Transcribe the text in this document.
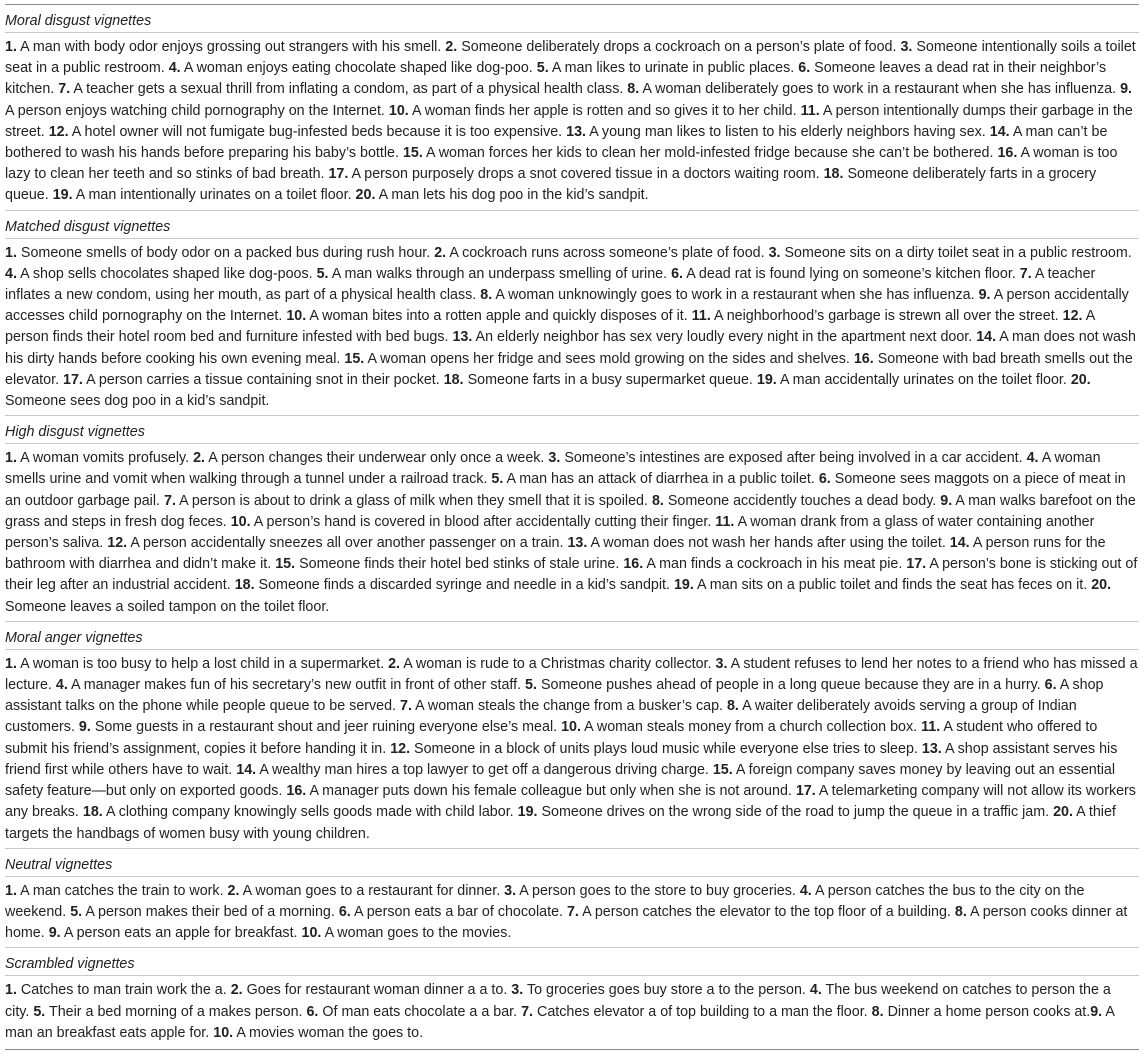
Moral disgust vignettes
1. A man with body odor enjoys grossing out strangers with his smell. 2. Someone deliberately drops a cockroach on a person’s plate of food. 3. Someone intentionally soils a toilet seat in a public restroom. 4. A woman enjoys eating chocolate shaped like dog-poo. 5. A man likes to urinate in public places. 6. Someone leaves a dead rat in their neighbor’s kitchen. 7. A teacher gets a sexual thrill from inflating a condom, as part of a physical health class. 8. A woman deliberately goes to work in a restaurant when she has influenza. 9. A person enjoys watching child pornography on the Internet. 10. A woman finds her apple is rotten and so gives it to her child. 11. A person intentionally dumps their garbage in the street. 12. A hotel owner will not fumigate bug-infested beds because it is too expensive. 13. A young man likes to listen to his elderly neighbors having sex. 14. A man can’t be bothered to wash his hands before preparing his baby’s bottle. 15. A woman forces her kids to clean her mold-infested fridge because she can’t be bothered. 16. A woman is too lazy to clean her teeth and so stinks of bad breath. 17. A person purposely drops a snot covered tissue in a doctors waiting room. 18. Someone deliberately farts in a grocery queue. 19. A man intentionally urinates on a toilet floor. 20. A man lets his dog poo in the kid’s sandpit.
Matched disgust vignettes
1. Someone smells of body odor on a packed bus during rush hour. 2. A cockroach runs across someone’s plate of food. 3. Someone sits on a dirty toilet seat in a public restroom. 4. A shop sells chocolates shaped like dog-poos. 5. A man walks through an underpass smelling of urine. 6. A dead rat is found lying on someone’s kitchen floor. 7. A teacher inflates a new condom, using her mouth, as part of a physical health class. 8. A woman unknowingly goes to work in a restaurant when she has influenza. 9. A person accidentally accesses child pornography on the Internet. 10. A woman bites into a rotten apple and quickly disposes of it. 11. A neighborhood’s garbage is strewn all over the street. 12. A person finds their hotel room bed and furniture infested with bed bugs. 13. An elderly neighbor has sex very loudly every night in the apartment next door. 14. A man does not wash his dirty hands before cooking his own evening meal. 15. A woman opens her fridge and sees mold growing on the sides and shelves. 16. Someone with bad breath smells out the elevator. 17. A person carries a tissue containing snot in their pocket. 18. Someone farts in a busy supermarket queue. 19. A man accidentally urinates on the toilet floor. 20. Someone sees dog poo in a kid’s sandpit.
High disgust vignettes
1. A woman vomits profusely. 2. A person changes their underwear only once a week. 3. Someone’s intestines are exposed after being involved in a car accident. 4. A woman smells urine and vomit when walking through a tunnel under a railroad track. 5. A man has an attack of diarrhea in a public toilet. 6. Someone sees maggots on a piece of meat in an outdoor garbage pail. 7. A person is about to drink a glass of milk when they smell that it is spoiled. 8. Someone accidently touches a dead body. 9. A man walks barefoot on the grass and steps in fresh dog feces. 10. A person’s hand is covered in blood after accidentally cutting their finger. 11. A woman drank from a glass of water containing another person’s saliva. 12. A person accidentally sneezes all over another passenger on a train. 13. A woman does not wash her hands after using the toilet. 14. A person runs for the bathroom with diarrhea and didn’t make it. 15. Someone finds their hotel bed stinks of stale urine. 16. A man finds a cockroach in his meat pie. 17. A person’s bone is sticking out of their leg after an industrial accident. 18. Someone finds a discarded syringe and needle in a kid’s sandpit. 19. A man sits on a public toilet and finds the seat has feces on it. 20. Someone leaves a soiled tampon on the toilet floor.
Moral anger vignettes
1. A woman is too busy to help a lost child in a supermarket. 2. A woman is rude to a Christmas charity collector. 3. A student refuses to lend her notes to a friend who has missed a lecture. 4. A manager makes fun of his secretary’s new outfit in front of other staff. 5. Someone pushes ahead of people in a long queue because they are in a hurry. 6. A shop assistant talks on the phone while people queue to be served. 7. A woman steals the change from a busker’s cap. 8. A waiter deliberately avoids serving a group of Indian customers. 9. Some guests in a restaurant shout and jeer ruining everyone else’s meal. 10. A woman steals money from a church collection box. 11. A student who offered to submit his friend’s assignment, copies it before handing it in. 12. Someone in a block of units plays loud music while everyone else tries to sleep. 13. A shop assistant serves his friend first while others have to wait. 14. A wealthy man hires a top lawyer to get off a dangerous driving charge. 15. A foreign company saves money by leaving out an essential safety feature—but only on exported goods. 16. A manager puts down his female colleague but only when she is not around. 17. A telemarketing company will not allow its workers any breaks. 18. A clothing company knowingly sells goods made with child labor. 19. Someone drives on the wrong side of the road to jump the queue in a traffic jam. 20. A thief targets the handbags of women busy with young children.
Neutral vignettes
1. A man catches the train to work. 2. A woman goes to a restaurant for dinner. 3. A person goes to the store to buy groceries. 4. A person catches the bus to the city on the weekend. 5. A person makes their bed of a morning. 6. A person eats a bar of chocolate. 7. A person catches the elevator to the top floor of a building. 8. A person cooks dinner at home. 9. A person eats an apple for breakfast. 10. A woman goes to the movies.
Scrambled vignettes
1. Catches to man train work the a. 2. Goes for restaurant woman dinner a a to. 3. To groceries goes buy store a to the person. 4. The bus weekend on catches to person the a city. 5. Their a bed morning of a makes person. 6. Of man eats chocolate a a bar. 7. Catches elevator a of top building to a man the floor. 8. Dinner a home person cooks at.9. A man an breakfast eats apple for. 10. A movies woman the goes to.
